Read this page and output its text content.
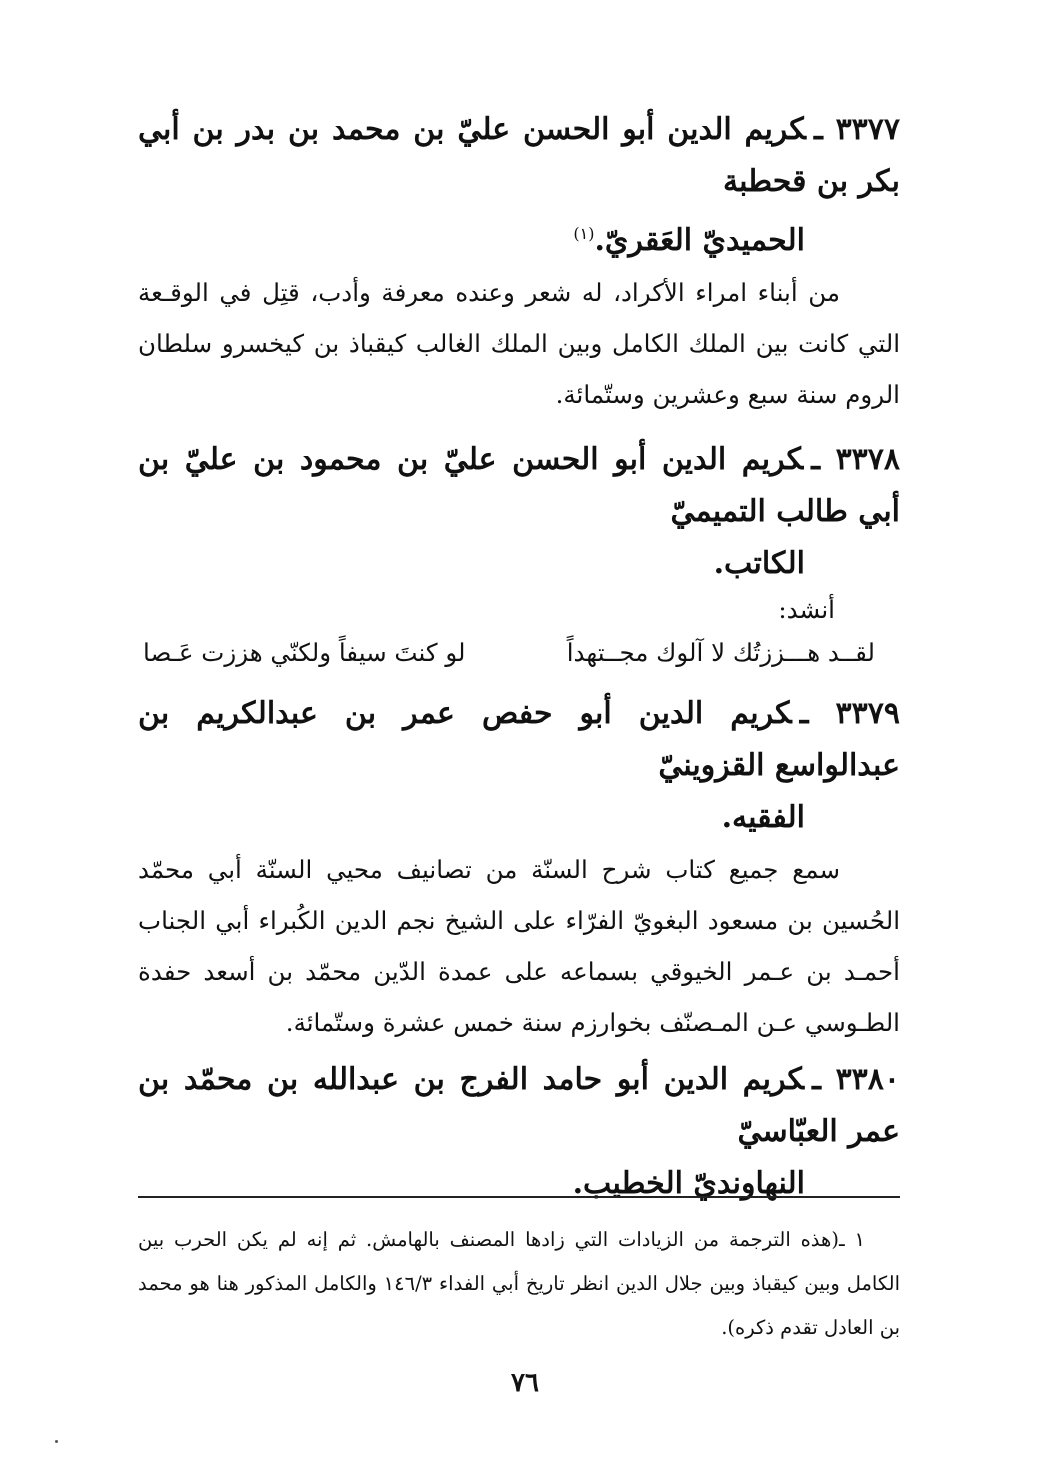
٣٣٧٧ ـكريم الدين أبو الحسن عليّ بن محمد بن بدر بن أبي بكر بن قحطبة
الحميديّ العَقريّ.$^{(١)}$

من أبناء امراء الأكراد، له شعر وعنده معرفة وأدب، قتِل في الوقـعة التي كانت بين الملك الكامل وبين الملك الغالب كيقباذ بن كيخسرو سلطان الروم سنة سبع وعشرين وستّمائة.

٣٣٧٨ ـكريم الدين أبو الحسن عليّ بن محمود بن عليّ بن أبي طالب التميميّ
الكاتب.

أنشد:

لقــد هـــززتُك لا آلوك مجــتهداً
لو كنتَ سيفاً ولكنّي هززت عَـصا

٣٣٧٩ ـكريم الدين أبو حفص عمر بن عبدالكريم بن عبدالواسع القزوينيّ
الفقيه.

سمع جميع كتاب شرح السنّة من تصانيف محيي السنّة أبي محمّد الحُسين بن مسعود البغويّ الفرّاء على الشيخ نجم الدين الكُبراء أبي الجناب أحمـد بن عـمر الخيوقي بسماعه على عمدة الدّين محمّد بن أسعد حفدة الطـوسي عـن المـصنّف بخوارزم سنة خمس عشرة وستّمائة.

٣٣٨٠ ـكريم الدين أبو حامد الفرج بن عبدالله بن محمّد بن عمر العبّاسيّ
النهاونديّ الخطيب.

١ ـ(هذه الترجمة من الزيادات التي زادها المصنف بالهامش. ثم إنه لم يكن الحرب بين الكامل وبين كيقباذ وبين جلال الدين انظر تاريخ أبي الفداء ١٤٦/٣ والكامل المذكور هنا هو محمد بن العادل تقدم ذكره).

٧٦
